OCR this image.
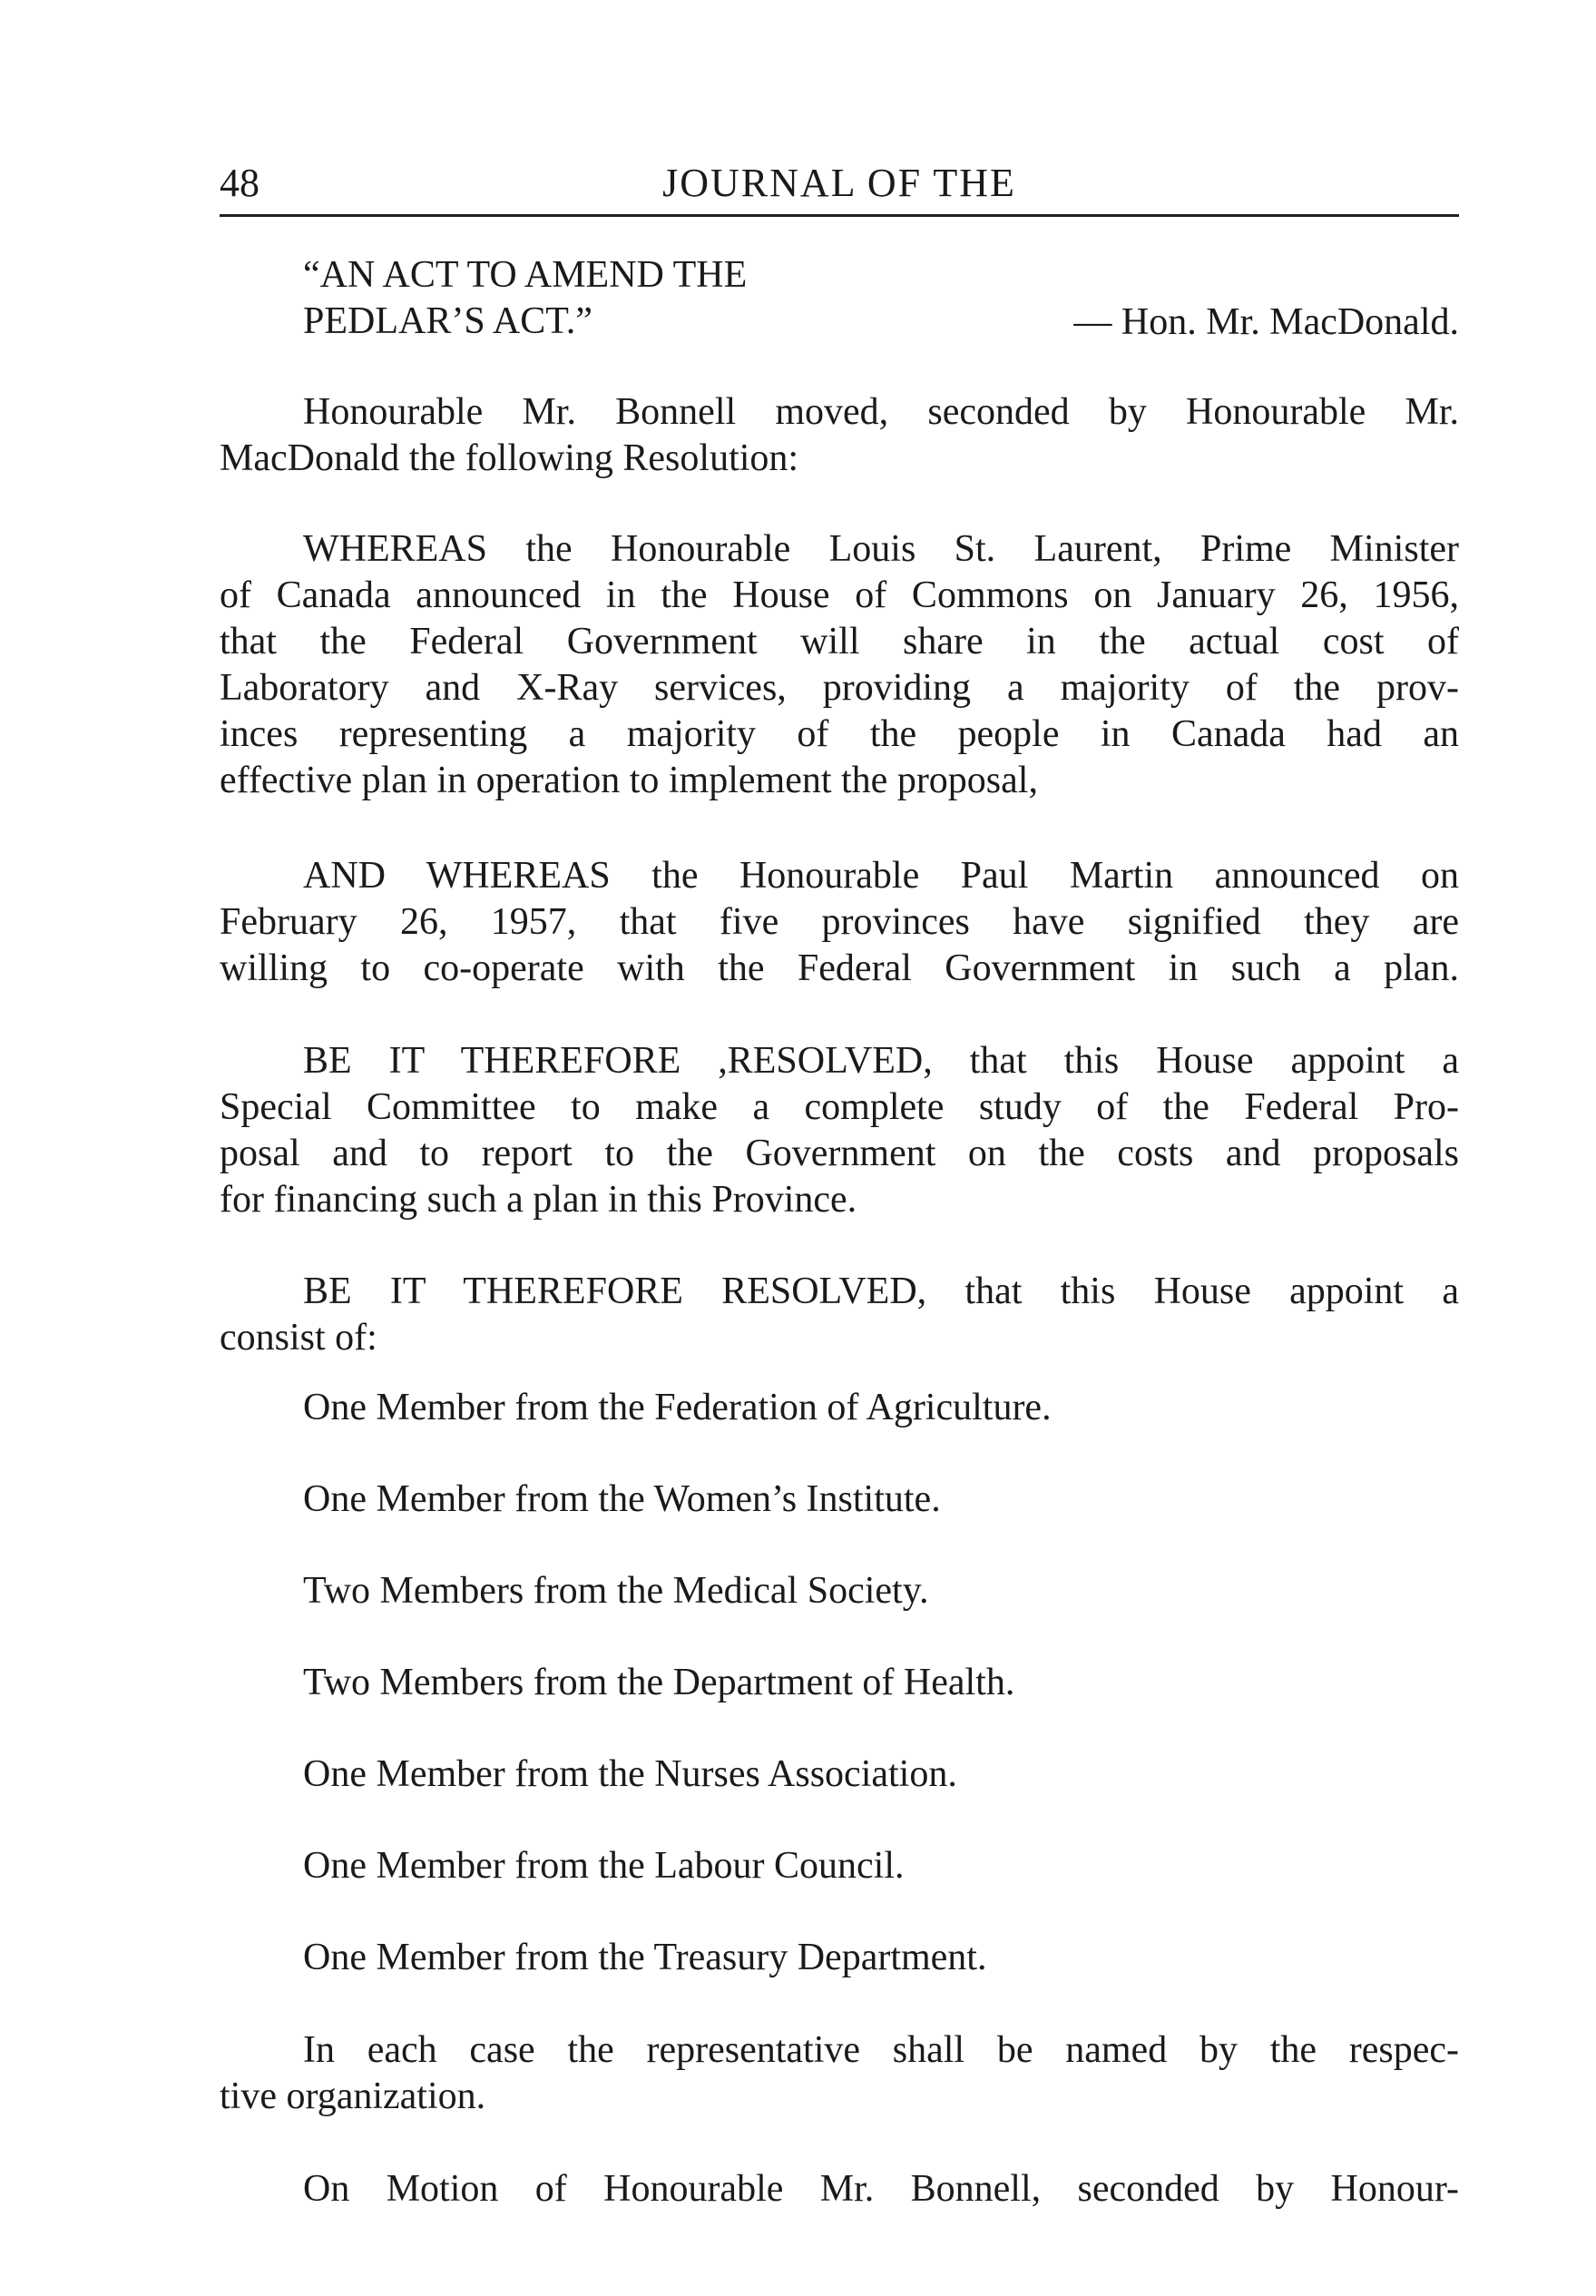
48	JOURNAL OF THE
“AN ACT TO AMEND THE
PEDLAR’S ACT.”	— Hon. Mr. MacDonald.
Honourable Mr. Bonnell moved, seconded by Honourable Mr.
MacDonald the following Resolution:
WHEREAS the Honourable Louis St. Laurent, Prime Minister
of Canada announced in the House of Commons on January 26, 1956,
that the Federal Government will share in the actual cost of
Laboratory and X-Ray services, providing a majority of the prov-
inces representing a majority of the people in Canada had an
effective plan in operation to implement the proposal,
AND WHEREAS the Honourable Paul Martin announced on
February 26, 1957, that five provinces have signified they are
willing to co-operate with the Federal Government in such a plan.
BE IT THEREFORE ,RESOLVED, that this House appoint a
Special Committee to make a complete study of the Federal Pro-
posal and to report to the Government on the costs and proposals
for financing such a plan in this Province.
BE IT THEREFORE RESOLVED, that this House appoint a
consist of:
One Member from the Federation of Agriculture.
One Member from the Women’s Institute.
Two Members from the Medical Society.
Two Members from the Department of Health.
One Member from the Nurses Association.
One Member from the Labour Council.
One Member from the Treasury Department.
In each case the representative shall be named by the respec-
tive organization.
On Motion of Honourable Mr. Bonnell, seconded by Honour-
